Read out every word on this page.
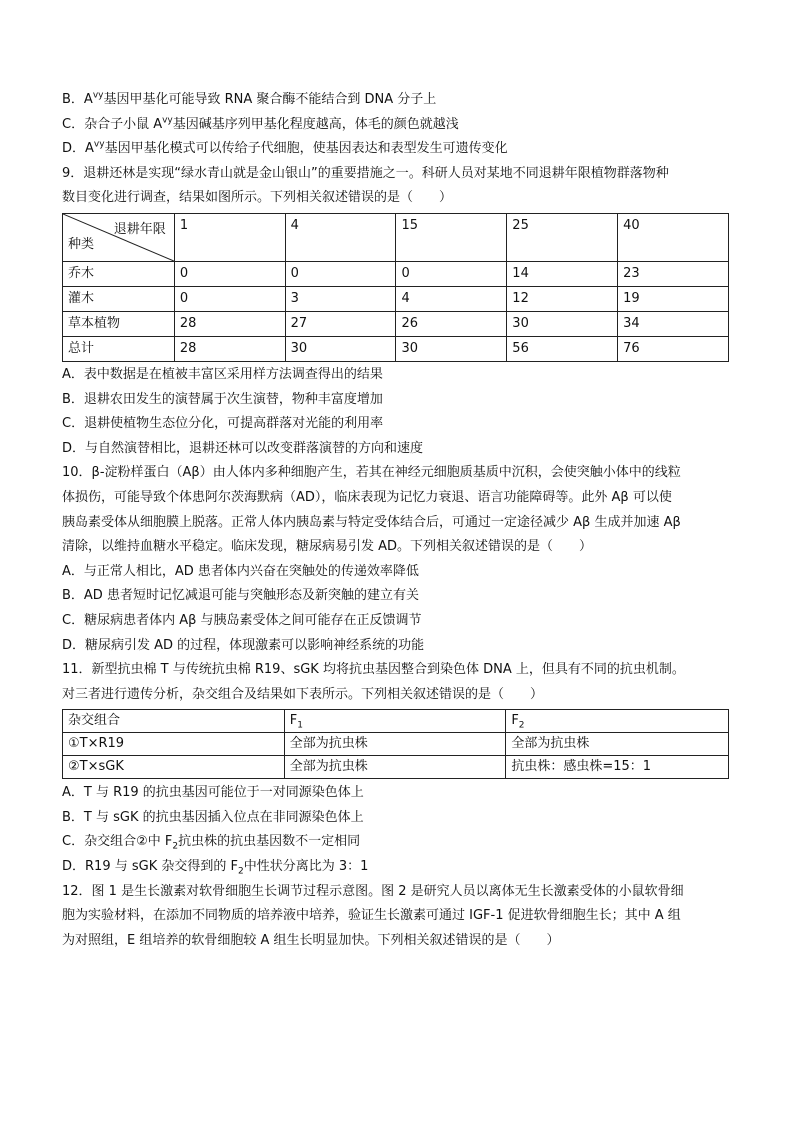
B．$A^{vy}$基因甲基化可能导致 RNA 聚合酶不能结合到 DNA 分子上
C．杂合子小鼠 $A^{vy}$基因碱基序列甲基化程度越高，体毛的颜色就越浅
D．$A^{vy}$基因甲基化模式可以传给子代细胞，使基因表达和表型发生可遗传变化
9．退耕还林是实现“绿水青山就是金山银山”的重要措施之一。科研人员对某地不同退耕年限植物群落物种
数目变化进行调查，结果如图所示。下列相关叙述错误的是（　　）
退耕年限
种类	1	4	15	25	40
乔木	0	0	0	14	23
灌木	0	3	4	12	19
草本植物	28	27	26	30	34
总计	28	30	30	56	76
A．表中数据是在植被丰富区采用样方法调查得出的结果
B．退耕农田发生的演替属于次生演替，物种丰富度增加
C．退耕使植物生态位分化，可提高群落对光能的利用率
D．与自然演替相比，退耕还林可以改变群落演替的方向和速度
10．β-淀粉样蛋白（Aβ）由人体内多种细胞产生，若其在神经元细胞质基质中沉积，会使突触小体中的线粒
体损伤，可能导致个体患阿尔茨海默病（AD），临床表现为记忆力衰退、语言功能障碍等。此外 Aβ 可以使
胰岛素受体从细胞膜上脱落。正常人体内胰岛素与特定受体结合后，可通过一定途径减少 Aβ 生成并加速 Aβ
清除，以维持血糖水平稳定。临床发现，糖尿病易引发 AD。下列相关叙述错误的是（　　）
A．与正常人相比，AD 患者体内兴奋在突触处的传递效率降低
B．AD 患者短时记忆减退可能与突触形态及新突触的建立有关
C．糖尿病患者体内 Aβ 与胰岛素受体之间可能存在正反馈调节
D．糖尿病引发 AD 的过程，体现激素可以影响神经系统的功能
11．新型抗虫棉 T 与传统抗虫棉 R19、sGK 均将抗虫基因整合到染色体 DNA 上，但具有不同的抗虫机制。
对三者进行遗传分析，杂交组合及结果如下表所示。下列相关叙述错误的是（　　）
杂交组合	$F_1$	$F_2$
①T×R19	全部为抗虫株	全部为抗虫株
②T×sGK	全部为抗虫株	抗虫株：感虫株=15：1
A．T 与 R19 的抗虫基因可能位于一对同源染色体上
B．T 与 sGK 的抗虫基因插入位点在非同源染色体上
C．杂交组合②中 $F_2$抗虫株的抗虫基因数不一定相同
D．R19 与 sGK 杂交得到的 $F_2$中性状分离比为 3：1
12．图 1 是生长激素对软骨细胞生长调节过程示意图。图 2 是研究人员以离体无生长激素受体的小鼠软骨细
胞为实验材料，在添加不同物质的培养液中培养，验证生长激素可通过 IGF-1 促进软骨细胞生长；其中 A 组
为对照组，E 组培养的软骨细胞较 A 组生长明显加快。下列相关叙述错误的是（　　）
